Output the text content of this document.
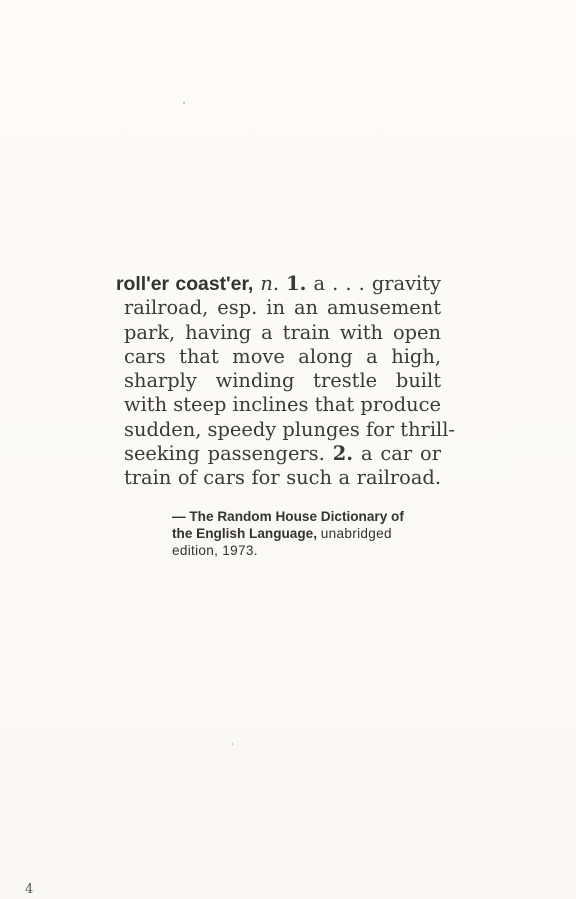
roll'er coast'er, n. 1. a . . . gravity
railroad, esp. in an amusement
park, having a train with open
cars that move along a high,
sharply winding trestle built
with steep inclines that produce
sudden, speedy plunges for thrill-
seeking passengers. 2. a car or
train of cars for such a railroad.
— The Random House Dictionary of
the English Language, unabridged
edition, 1973.
4
